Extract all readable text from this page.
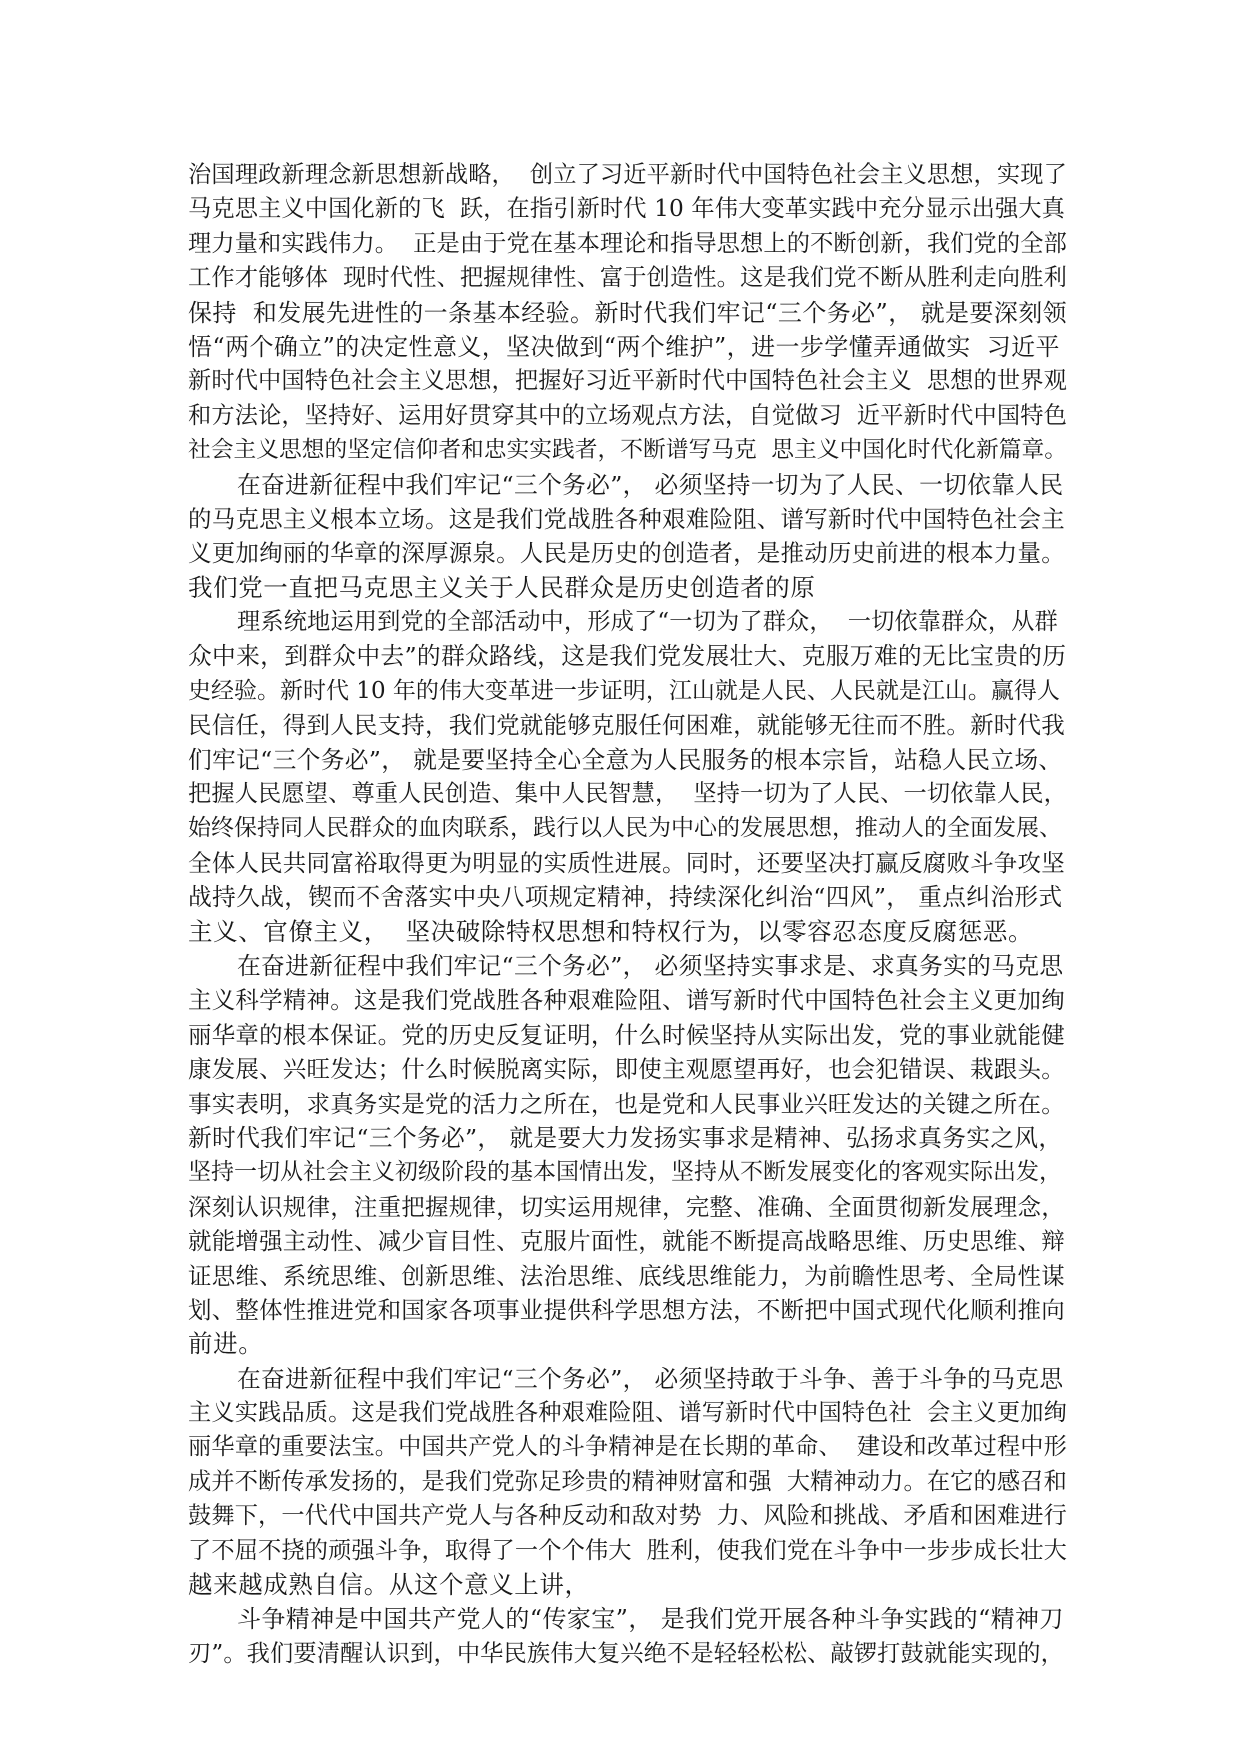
治国理政新理念新思想新战略，  创立了习近平新时代中国特色社会主义思想，实现了
马克思主义中国化新的飞  跃，在指引新时代 10 年伟大变革实践中充分显示出强大真
理力量和实践伟力。  正是由于党在基本理论和指导思想上的不断创新，我们党的全部
工作才能够体  现时代性、把握规律性、富于创造性。这是我们党不断从胜利走向胜利
保持  和发展先进性的一条基本经验。新时代我们牢记“三个务必”， 就是要深刻领
悟“两个确立”的决定性意义，坚决做到“两个维护”，进一步学懂弄通做实  习近平
新时代中国特色社会主义思想，把握好习近平新时代中国特色社会主义  思想的世界观
和方法论，坚持好、运用好贯穿其中的立场观点方法，自觉做习  近平新时代中国特色
社会主义思想的坚定信仰者和忠实实践者，不断谱写马克  思主义中国化时代化新篇章。
在奋进新征程中我们牢记“三个务必”， 必须坚持一切为了人民、一切依靠人民
的马克思主义根本立场。这是我们党战胜各种艰难险阻、谱写新时代中国特色社会主
义更加绚丽的华章的深厚源泉。人民是历史的创造者，是推动历史前进的根本力量。
我们党一直把马克思主义关于人民群众是历史创造者的原
理系统地运用到党的全部活动中，形成了“一切为了群众，  一切依靠群众，从群
众中来，到群众中去”的群众路线，这是我们党发展壮大、克服万难的无比宝贵的历
史经验。新时代 10 年的伟大变革进一步证明，江山就是人民、人民就是江山。赢得人
民信任，得到人民支持，我们党就能够克服任何困难，就能够无往而不胜。新时代我
们牢记“三个务必”， 就是要坚持全心全意为人民服务的根本宗旨，站稳人民立场、
把握人民愿望、尊重人民创造、集中人民智慧，  坚持一切为了人民、一切依靠人民，
始终保持同人民群众的血肉联系，践行以人民为中心的发展思想，推动人的全面发展、
全体人民共同富裕取得更为明显的实质性进展。同时，还要坚决打赢反腐败斗争攻坚
战持久战，锲而不舍落实中央八项规定精神，持续深化纠治“四风”， 重点纠治形式
主义、官僚主义，  坚决破除特权思想和特权行为，以零容忍态度反腐惩恶。
在奋进新征程中我们牢记“三个务必”， 必须坚持实事求是、求真务实的马克思
主义科学精神。这是我们党战胜各种艰难险阻、谱写新时代中国特色社会主义更加绚
丽华章的根本保证。党的历史反复证明，什么时候坚持从实际出发，党的事业就能健
康发展、兴旺发达；什么时候脱离实际，即使主观愿望再好，也会犯错误、栽跟头。
事实表明，求真务实是党的活力之所在，也是党和人民事业兴旺发达的关键之所在。
新时代我们牢记“三个务必”， 就是要大力发扬实事求是精神、弘扬求真务实之风，
坚持一切从社会主义初级阶段的基本国情出发，坚持从不断发展变化的客观实际出发，
深刻认识规律，注重把握规律，切实运用规律，完整、准确、全面贯彻新发展理念，
就能增强主动性、减少盲目性、克服片面性，就能不断提高战略思维、历史思维、辩
证思维、系统思维、创新思维、法治思维、底线思维能力，为前瞻性思考、全局性谋
划、整体性推进党和国家各项事业提供科学思想方法，不断把中国式现代化顺利推向
前进。
在奋进新征程中我们牢记“三个务必”， 必须坚持敢于斗争、善于斗争的马克思
主义实践品质。这是我们党战胜各种艰难险阻、谱写新时代中国特色社  会主义更加绚
丽华章的重要法宝。中国共产党人的斗争精神是在长期的革命、  建设和改革过程中形
成并不断传承发扬的，是我们党弥足珍贵的精神财富和强  大精神动力。在它的感召和
鼓舞下，一代代中国共产党人与各种反动和敌对势  力、风险和挑战、矛盾和困难进行
了不屈不挠的顽强斗争，取得了一个个伟大  胜利，使我们党在斗争中一步步成长壮大
越来越成熟自信。从这个意义上讲，
斗争精神是中国共产党人的“传家宝”， 是我们党开展各种斗争实践的“精神刀
刃”。我们要清醒认识到，中华民族伟大复兴绝不是轻轻松松、敲锣打鼓就能实现的，
